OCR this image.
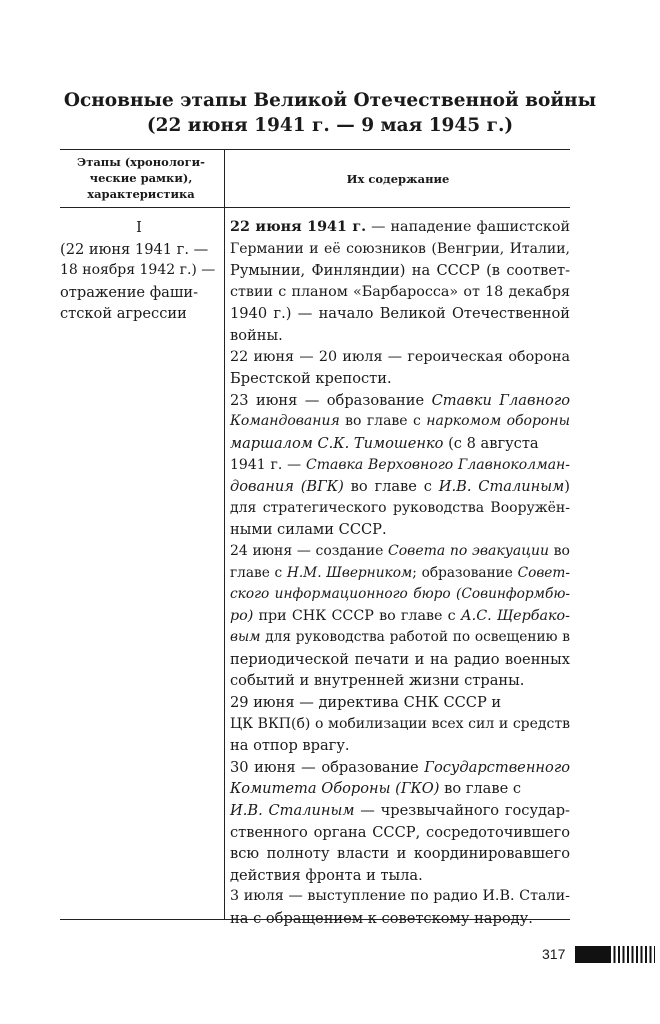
Основные этапы Великой Отечественной войны
(22 июня 1941 г. — 9 мая 1945 г.)
Этапы (хронологи-
ческие рамки),
характеристика
Их содержание
I
(22 июня 1941 г. —
18 ноября 1942 г.) —
отражение фаши-
стской агрессии
22 июня 1941 г. — нападение фашистской
Германии и её союзников (Венгрии, Италии,
Румынии, Финляндии) на СССР (в соответ-
ствии с планом «Барбаросса» от 18 декабря
1940 г.) — начало Великой Отечественной
войны.
22 июня — 20 июля — героическая оборона
Брестской крепости.
23 июня — образование Ставки Главного
Командования во главе с наркомом обороны
маршалом С.К. Тимошенко (с 8 августа
1941 г. — Ставка Верховного Главноколман-
дования (ВГК) во главе с И.В. Сталиным)
для стратегического руководства Вооружён-
ными силами СССР.
24 июня — создание Совета по эвакуации во
главе с Н.М. Шверником; образование Совет-
ского информационного бюро (Совинформбю-
ро) при СНК СССР во главе с А.С. Щербако-
вым для руководства работой по освещению в
периодической печати и на радио военных
событий и внутренней жизни страны.
29 июня — директива СНК СССР и
ЦК ВКП(б) о мобилизации всех сил и средств
на отпор врагу.
30 июня — образование Государственного
Комитета Обороны (ГКО) во главе с
И.В. Сталиным — чрезвычайного государ-
ственного органа СССР, сосредоточившего
всю полноту власти и координировавшего
действия фронта и тыла.
3 июля — выступление по радио И.В. Стали-
на с обращением к советскому народу.
317
